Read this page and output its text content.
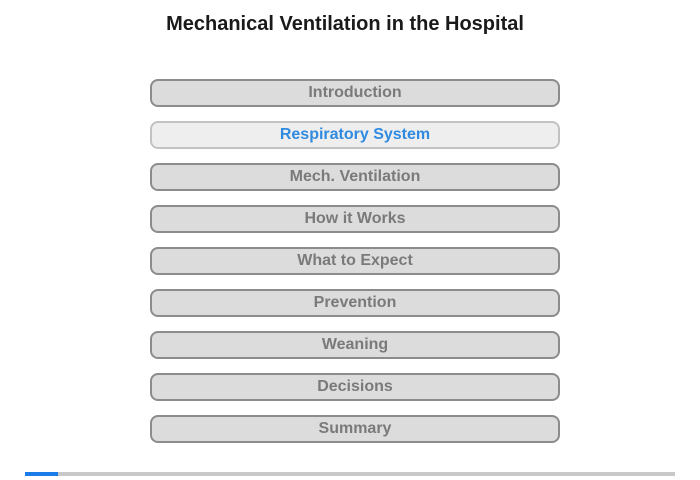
Mechanical Ventilation in the Hospital
Introduction
Respiratory System
Mech. Ventilation
How it Works
What to Expect
Prevention
Weaning
Decisions
Summary
